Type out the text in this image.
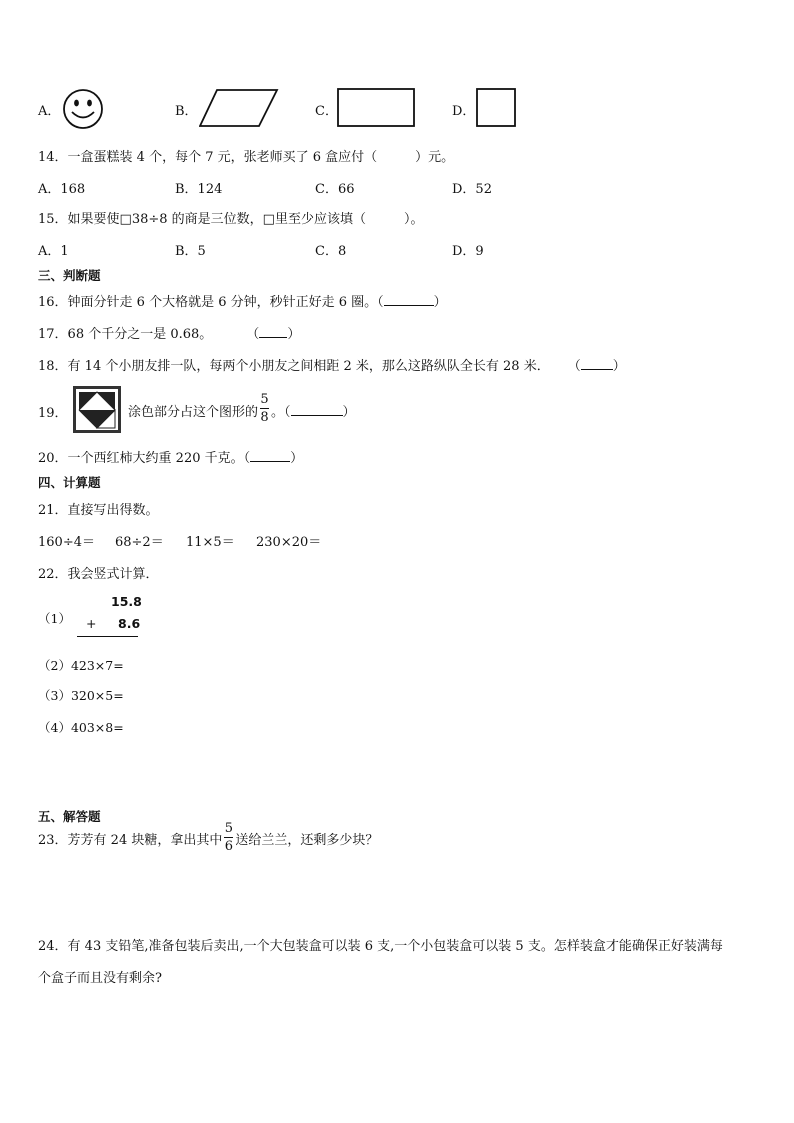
A．	B．	C．	D．
14．一盒蛋糕装 4 个，每个 7 元，张老师买了 6 盒应付（	）元。
A．168	B．124	C．66	D．52
15．如果要使□38÷8 的商是三位数，□里至少应该填（	）。
A．1	B．5	C．8	D．9
三、判断题
16．钟面分针走 6 个大格就是 6 分钟，秒针正好走 6 圈。（	）
17．68 个千分之一是 0.68。	（ ）
18．有 14 个小朋友排一队，每两个小朋友之间相距 2 米，那么这路纵队全长有 28 米． （ ）
19．	涂色部分占这个图形的 $\frac{5}{8}$ 。（	）
20．一个西红柿大约重 220 千克。（	）
四、计算题
21．直接写出得数。
160÷4＝ 68÷2＝ 11×5＝ 230×20＝
22．我会竖式计算．
（1）
15.8
+ 8.6
（2）423×7=
（3）320×5=
（4）403×8=
五、解答题
23．芳芳有 24 块糖，拿出其中 $\frac{5}{6}$ 送给兰兰，还剩多少块？
24．有 43 支铅笔,准备包装后卖出,一个大包装盒可以装 6 支,一个小包装盒可以装 5 支。怎样装盒才能确保正好装满每
个盒子而且没有剩余?
